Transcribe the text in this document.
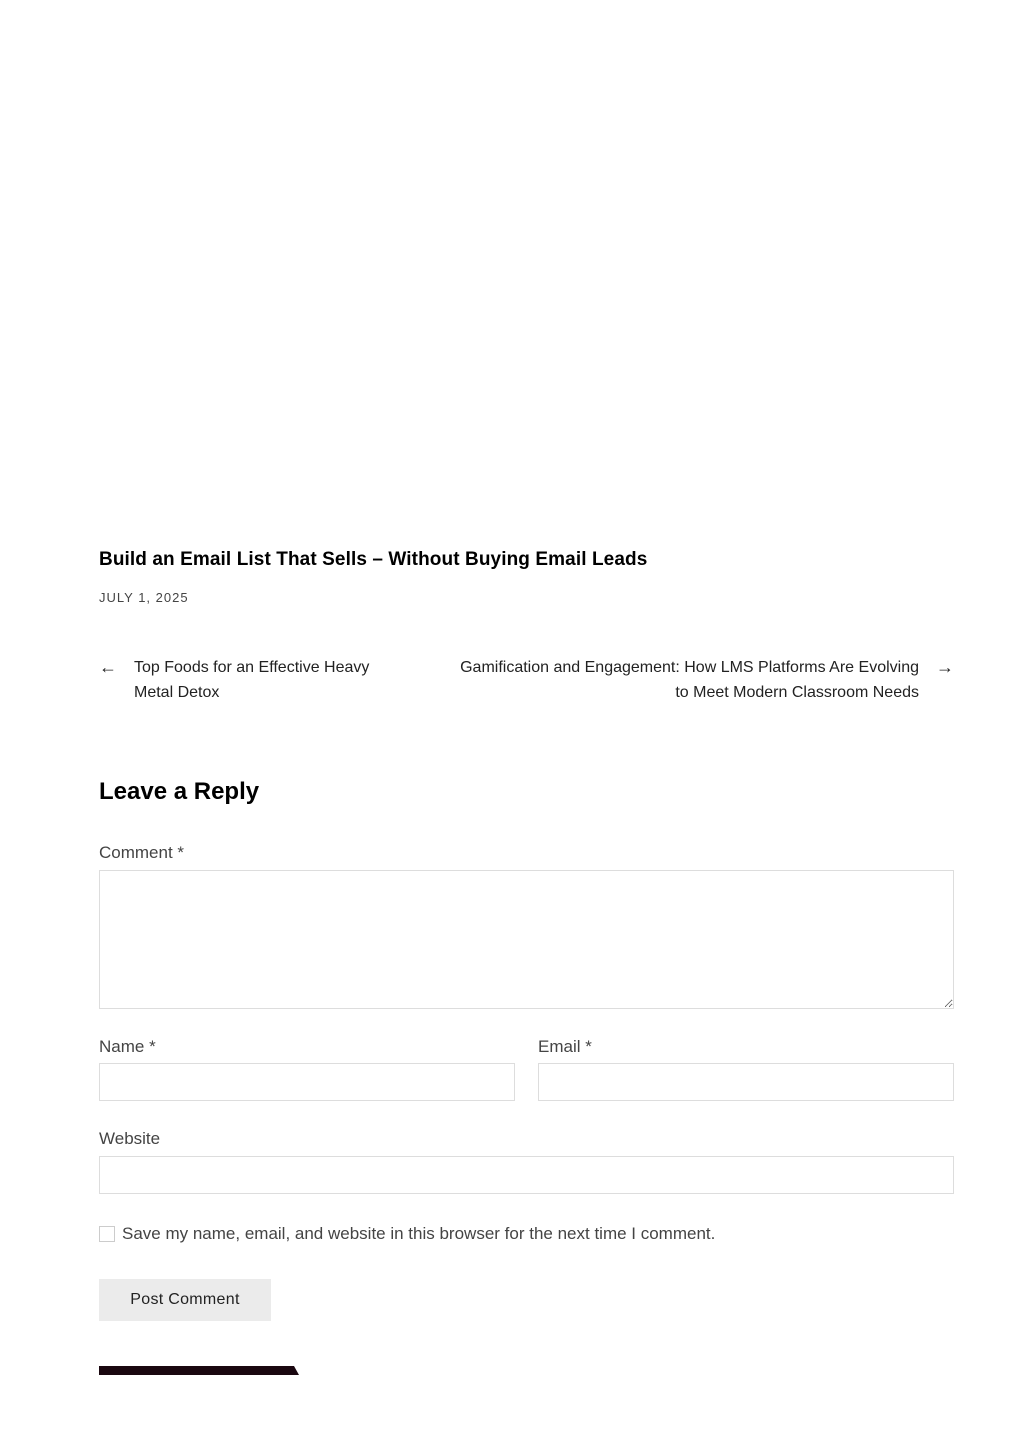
Build an Email List That Sells – Without Buying Email Leads
JULY 1, 2025
←	Top Foods for an Effective Heavy Metal Detox
Gamification and Engagement: How LMS Platforms Are Evolving to Meet Modern Classroom Needs
→
Leave a Reply
Comment *
Name *	Email *
Website
Save my name, email, and website in this browser for the next time I comment.
Post Comment
